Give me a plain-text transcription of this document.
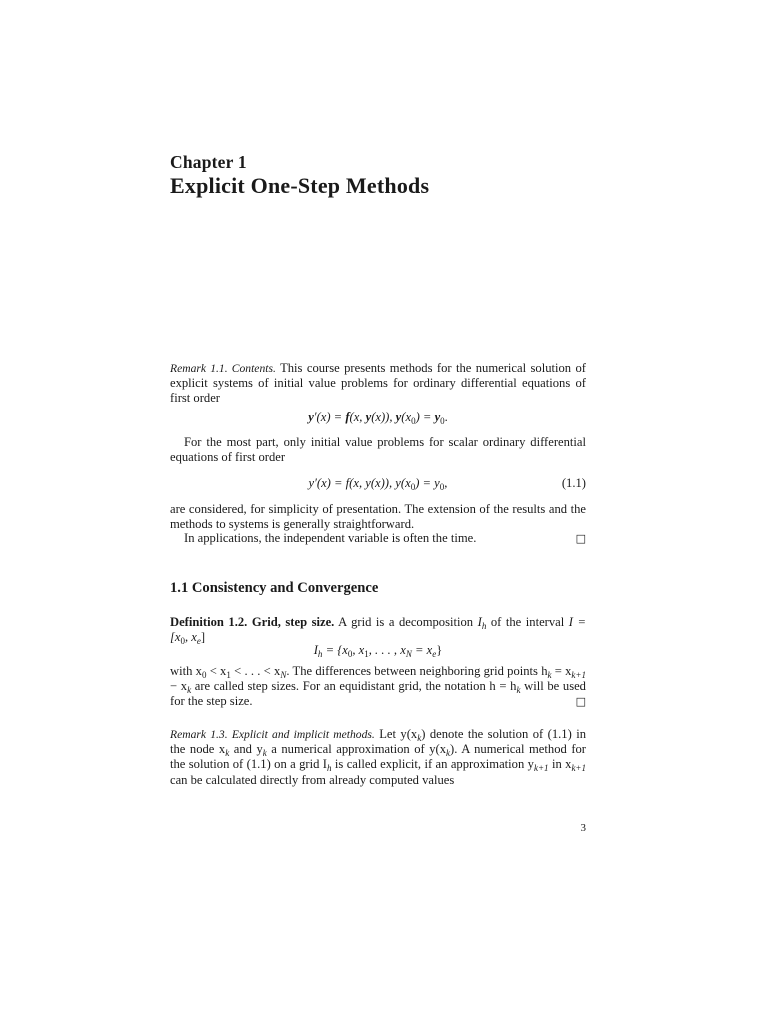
Chapter 1
Explicit One-Step Methods
Remark 1.1. Contents. This course presents methods for the numerical solution of explicit systems of initial value problems for ordinary differential equations of first order
y′(x) = f(x, y(x)), $y(x_0) = y_0$.
For the most part, only initial value problems for scalar ordinary differential equations of first order
y′(x) = f(x, y(x)), $y(x_0) = y_0$,	(1.1)
are considered, for simplicity of presentation. The extension of the results and the methods to systems is generally straightforward.
In applications, the independent variable is often the time.	□
1.1 Consistency and Convergence
Definition 1.2. Grid, step size. A grid is a decomposition $I_h$ of the interval $I = [x_0$, $x_e$]
$I_h = \{x_0$, $x_1$, . . . , $x_N = x_e$}
with $x_0 < x_1$ < . . . < $x_N$. The differences between neighboring grid points $h_k = x_{k+1} - x_k$ are called step sizes. For an equidistant grid, the notation $h = h_k$ will be used for the step size.	□
Remark 1.3. Explicit and implicit methods. Let $y(x_k)$ denote the solution of (1.1) in the node $x_k$ and $y_k$ a numerical approximation of $y(x_k)$. A numerical method for the solution of (1.1) on a grid $I_h$ is called explicit, if an approximation $y_{k+1}$ in $x_{k+1}$ can be calculated directly from already computed values
3
